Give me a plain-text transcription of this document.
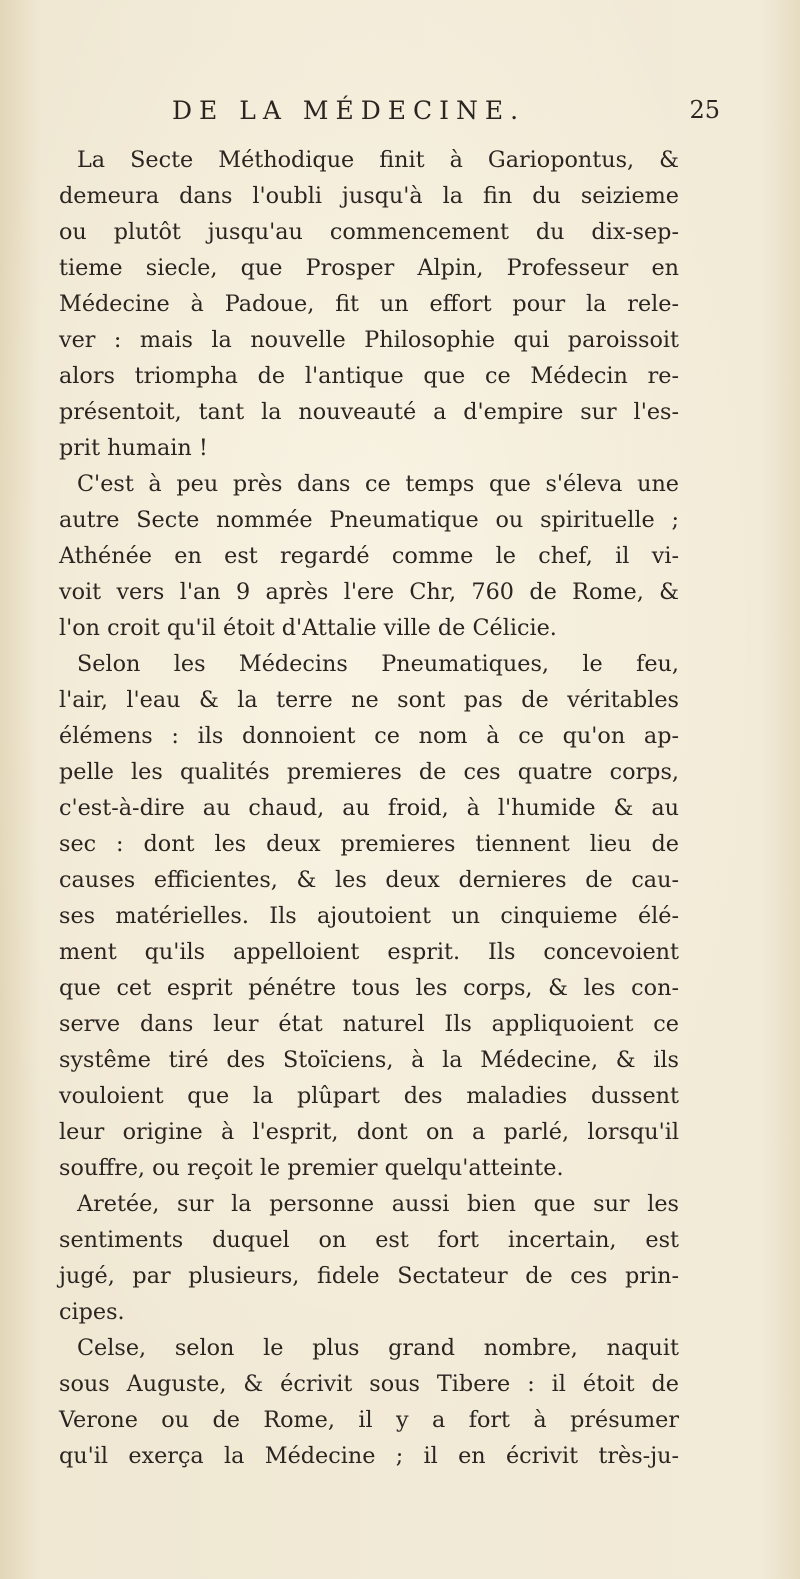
DE LA MÉDECINE.	25
La Secte Méthodique finit à Gariopontus, &
demeura dans l'oubli jusqu'à la fin du seizieme
ou plutôt jusqu'au commencement du dix-sep-
tieme siecle, que Prosper Alpin, Professeur en
Médecine à Padoue, fit un effort pour la rele-
ver : mais la nouvelle Philosophie qui paroissoit
alors triompha de l'antique que ce Médecin re-
présentoit, tant la nouveauté a d'empire sur l'es-
prit humain !
C'est à peu près dans ce temps que s'éleva une
autre Secte nommée Pneumatique ou spirituelle ;
Athénée en est regardé comme le chef, il vi-
voit vers l'an 9 après l'ere Chr, 760 de Rome, &
l'on croit qu'il étoit d'Attalie ville de Célicie.
Selon les Médecins Pneumatiques, le feu,
l'air, l'eau & la terre ne sont pas de véritables
élémens : ils donnoient ce nom à ce qu'on ap-
pelle les qualités premieres de ces quatre corps,
c'est-à-dire au chaud, au froid, à l'humide & au
sec : dont les deux premieres tiennent lieu de
causes efficientes, & les deux dernieres de cau-
ses matérielles. Ils ajoutoient un cinquieme élé-
ment qu'ils appelloient esprit. Ils concevoient
que cet esprit pénétre tous les corps, & les con-
serve dans leur état naturel Ils appliquoient ce
systême tiré des Stoïciens, à la Médecine, & ils
vouloient que la plûpart des maladies dussent
leur origine à l'esprit, dont on a parlé, lorsqu'il
souffre, ou reçoit le premier quelqu'atteinte.
Aretée, sur la personne aussi bien que sur les
sentiments duquel on est fort incertain, est
jugé, par plusieurs, fidele Sectateur de ces prin-
cipes.
Celse, selon le plus grand nombre, naquit
sous Auguste, & écrivit sous Tibere : il étoit de
Verone ou de Rome, il y a fort à présumer
qu'il exerça la Médecine ; il en écrivit très-ju-
